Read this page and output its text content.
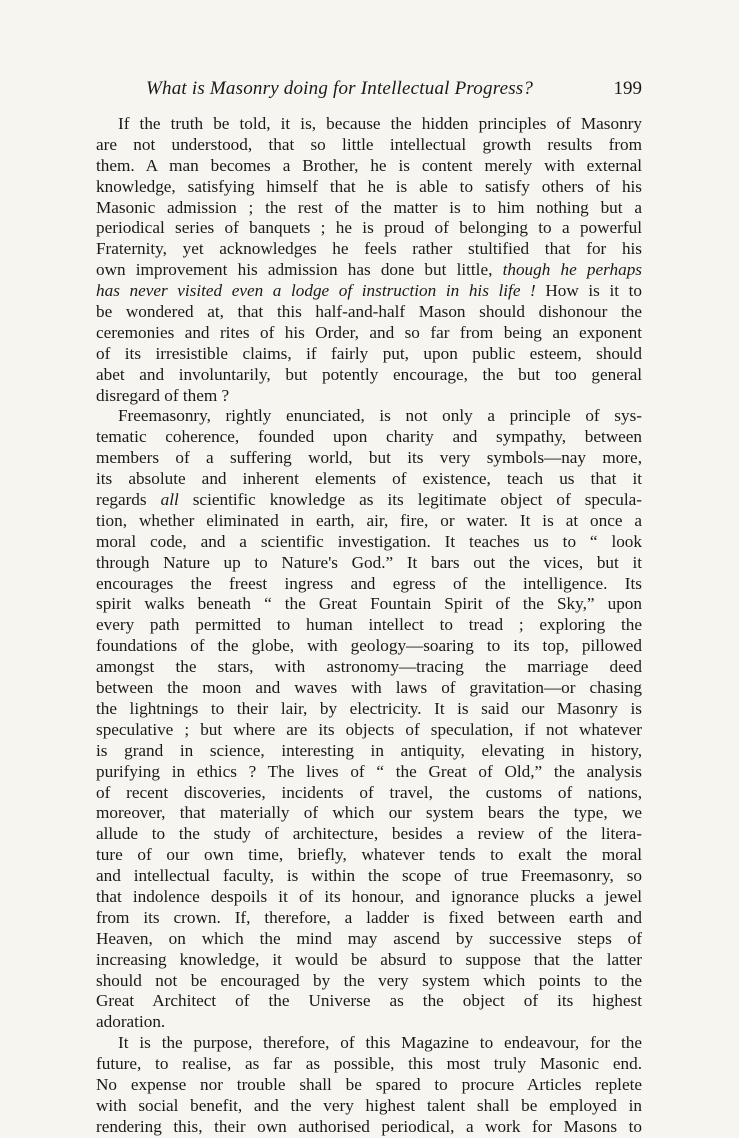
What is Masonry doing for Intellectual Progress?	199
If the truth be told, it is, because the hidden principles of Masonry
are not understood, that so little intellectual growth results from
them. A man becomes a Brother, he is content merely with external
knowledge, satisfying himself that he is able to satisfy others of his
Masonic admission ; the rest of the matter is to him nothing but a
periodical series of banquets ; he is proud of belonging to a powerful
Fraternity, yet acknowledges he feels rather stultified that for his
own improvement his admission has done but little, though he perhaps
has never visited even a lodge of instruction in his life ! How is it to
be wondered at, that this half-and-half Mason should dishonour the
ceremonies and rites of his Order, and so far from being an exponent
of its irresistible claims, if fairly put, upon public esteem, should
abet and involuntarily, but potently encourage, the but too general
disregard of them ?
Freemasonry, rightly enunciated, is not only a principle of sys-
tematic coherence, founded upon charity and sympathy, between
members of a suffering world, but its very symbols—nay more,
its absolute and inherent elements of existence, teach us that it
regards all scientific knowledge as its legitimate object of specula-
tion, whether eliminated in earth, air, fire, or water. It is at once a
moral code, and a scientific investigation. It teaches us to “ look
through Nature up to Nature's God.” It bars out the vices, but it
encourages the freest ingress and egress of the intelligence. Its
spirit walks beneath “ the Great Fountain Spirit of the Sky,” upon
every path permitted to human intellect to tread ; exploring the
foundations of the globe, with geology—soaring to its top, pillowed
amongst the stars, with astronomy—tracing the marriage deed
between the moon and waves with laws of gravitation—or chasing
the lightnings to their lair, by electricity. It is said our Masonry is
speculative ; but where are its objects of speculation, if not whatever
is grand in science, interesting in antiquity, elevating in history,
purifying in ethics ? The lives of “ the Great of Old,” the analysis
of recent discoveries, incidents of travel, the customs of nations,
moreover, that materially of which our system bears the type, we
allude to the study of architecture, besides a review of the litera-
ture of our own time, briefly, whatever tends to exalt the moral
and intellectual faculty, is within the scope of true Freemasonry, so
that indolence despoils it of its honour, and ignorance plucks a jewel
from its crown. If, therefore, a ladder is fixed between earth and
Heaven, on which the mind may ascend by successive steps of
increasing knowledge, it would be absurd to suppose that the latter
should not be encouraged by the very system which points to the
Great Architect of the Universe as the object of its highest
adoration.
It is the purpose, therefore, of this Magazine to endeavour, for the
future, to realise, as far as possible, this most truly Masonic end.
No expense nor trouble shall be spared to procure Articles replete
with social benefit, and the very highest talent shall be employed in
rendering this, their own authorised periodical, a work for Masons to
